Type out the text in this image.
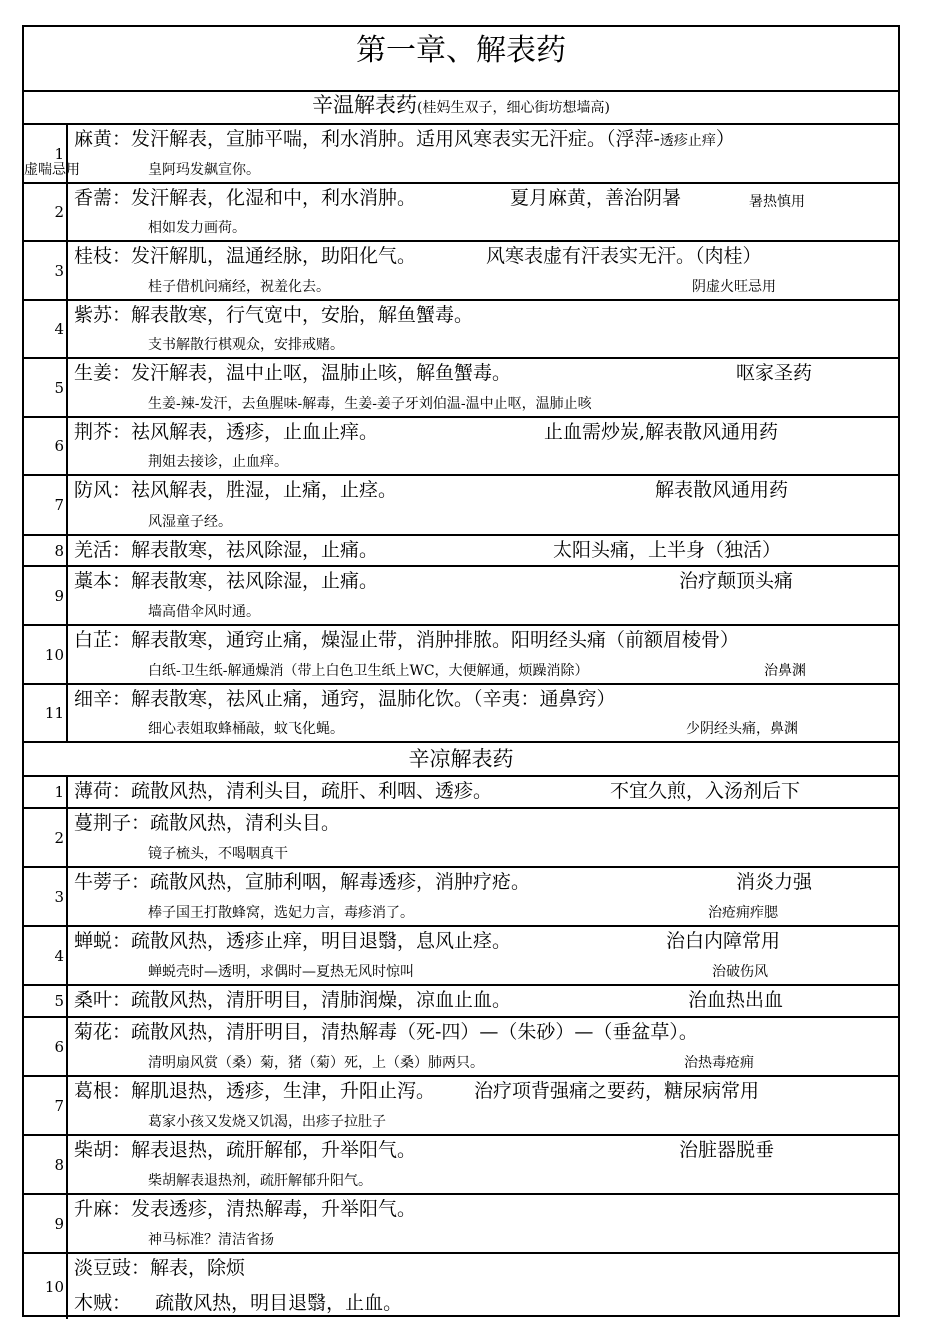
第一章、解表药
辛温解表药(桂妈生双子，细心街坊想墙高)
1
麻黄：发汗解表，宣肺平喘，利水消肿。适用风寒表实无汗症。（浮萍-透疹止痒）
皇阿玛发飙宣你。
虚喘忌用
2
香薷：发汗解表，化湿和中，利水消肿。	夏月麻黄，善治阴暑	暑热慎用
相如发力画荷。
3
桂枝：发汗解肌，温通经脉，助阳化气。	风寒表虚有汗表实无汗。（肉桂）
桂子借机问痛经，祝羞化去。	阴虚火旺忌用
4
紫苏：解表散寒，行气宽中，安胎，解鱼蟹毒。
支书解散行棋观众，安排戒赌。
5
生姜：发汗解表，温中止呕，温肺止咳，解鱼蟹毒。	呕家圣药
生姜-辣-发汗，去鱼腥味-解毒，生姜-姜子牙刘伯温-温中止呕，温肺止咳
6
荆芥：祛风解表，透疹，止血止痒。	止血需炒炭,解表散风通用药
荆姐去接诊，止血痒。
7
防风：祛风解表，胜湿，止痛，止痉。	解表散风通用药
风湿童子经。
8 羌活：解表散寒，祛风除湿，止痛。	太阳头痛，上半身（独活）
9
藁本：解表散寒，祛风除湿，止痛。	治疗颠顶头痛
墙高借伞风时通。
10
白芷：解表散寒，通窍止痛，燥湿止带，消肿排脓。阳明经头痛（前额眉棱骨）
白纸-卫生纸-解通燥消（带上白色卫生纸上WC，大便解通，烦躁消除）	治鼻渊
11
细辛：解表散寒，祛风止痛，通窍，温肺化饮。（辛夷：通鼻窍）
细心表姐取蜂桶敲，蚊飞化蝇。	少阴经头痛，鼻渊
辛凉解表药
1 薄荷：疏散风热，清利头目，疏肝、利咽、透疹。	不宜久煎，入汤剂后下
2
蔓荆子：疏散风热，清利头目。
镜子梳头，不喝咽真干
3
牛蒡子：疏散风热，宣肺利咽，解毒透疹，消肿疗疮。	消炎力强
棒子国王打散蜂窝，选妃力言，毒疹消了。	治疮痈痄腮
4
蝉蜕：疏散风热，透疹止痒，明目退翳，息风止痉。	治白内障常用
蝉蜕壳时—透明，求偶时—夏热无风时惊叫	治破伤风
5 桑叶：疏散风热，清肝明目，清肺润燥，凉血止血。	治血热出血
6
菊花：疏散风热，清肝明目，清热解毒（死-四）—（朱砂）—（垂盆草）。
清明扇风赏（桑）菊，猪（菊）死，上（桑）肺两只。	治热毒疮痈
7
葛根：解肌退热，透疹，生津，升阳止泻。 治疗项背强痛之要药，糖尿病常用
葛家小孩又发烧又饥渴，出疹子拉肚子
8
柴胡：解表退热，疏肝解郁，升举阳气。	治脏器脱垂
柴胡解表退热剂，疏肝解郁升阳气。
9
升麻：发表透疹，清热解毒，升举阳气。
神马标准？清洁省扬
10
淡豆豉：解表，除烦
木贼：    疏散风热，明目退翳，止血。
